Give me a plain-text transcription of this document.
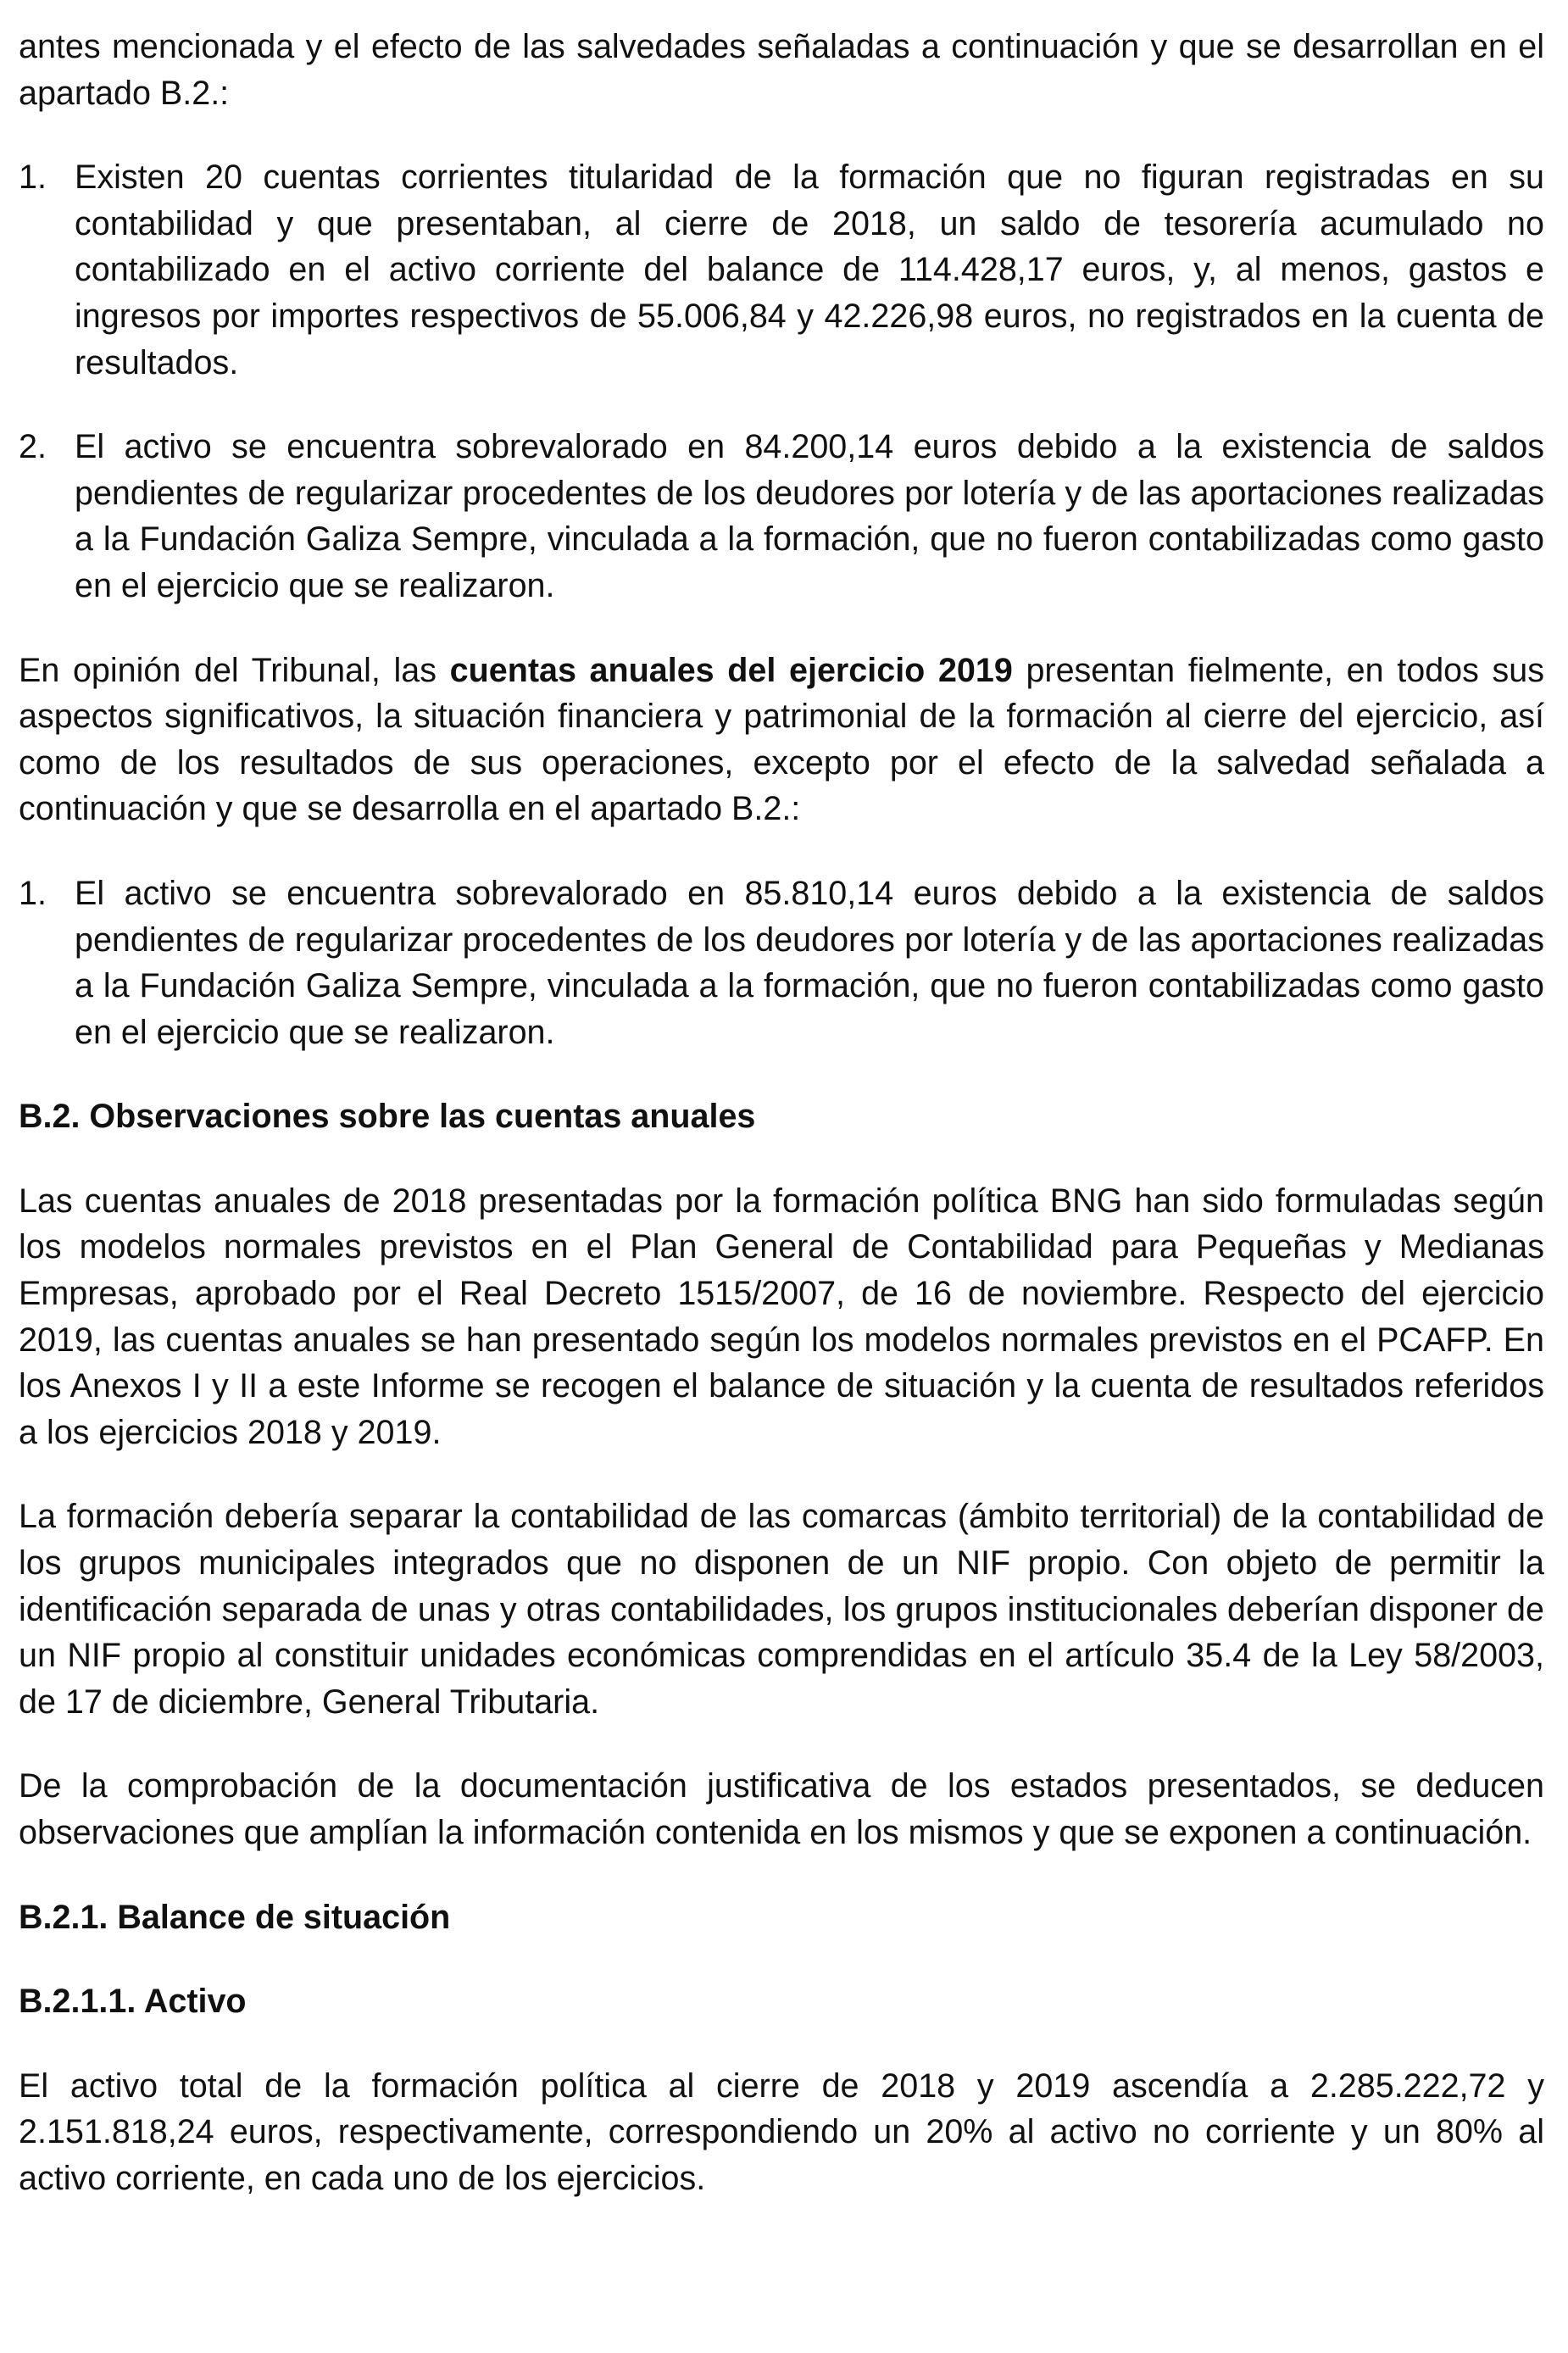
antes mencionada y el efecto de las salvedades señaladas a continuación y que se desarrollan en el apartado B.2.:

1. Existen 20 cuentas corrientes titularidad de la formación que no figuran registradas en su contabilidad y que presentaban, al cierre de 2018, un saldo de tesorería acumulado no contabilizado en el activo corriente del balance de 114.428,17 euros, y, al menos, gastos e ingresos por importes respectivos de 55.006,84 y 42.226,98 euros, no registrados en la cuenta de resultados.
2. El activo se encuentra sobrevalorado en 84.200,14 euros debido a la existencia de saldos pendientes de regularizar procedentes de los deudores por lotería y de las aportaciones realizadas a la Fundación Galiza Sempre, vinculada a la formación, que no fueron contabilizadas como gasto en el ejercicio que se realizaron.

En opinión del Tribunal, las cuentas anuales del ejercicio 2019 presentan fielmente, en todos sus aspectos significativos, la situación financiera y patrimonial de la formación al cierre del ejercicio, así como de los resultados de sus operaciones, excepto por el efecto de la salvedad señalada a continuación y que se desarrolla en el apartado B.2.:

1. El activo se encuentra sobrevalorado en 85.810,14 euros debido a la existencia de saldos pendientes de regularizar procedentes de los deudores por lotería y de las aportaciones realizadas a la Fundación Galiza Sempre, vinculada a la formación, que no fueron contabilizadas como gasto en el ejercicio que se realizaron.
B.2. Observaciones sobre las cuentas anuales

Las cuentas anuales de 2018 presentadas por la formación política BNG han sido formuladas según los modelos normales previstos en el Plan General de Contabilidad para Pequeñas y Medianas Empresas, aprobado por el Real Decreto 1515/2007, de 16 de noviembre. Respecto del ejercicio 2019, las cuentas anuales se han presentado según los modelos normales previstos en el PCAFP. En los Anexos I y II a este Informe se recogen el balance de situación y la cuenta de resultados referidos a los ejercicios 2018 y 2019.

La formación debería separar la contabilidad de las comarcas (ámbito territorial) de la contabilidad de los grupos municipales integrados que no disponen de un NIF propio. Con objeto de permitir la identificación separada de unas y otras contabilidades, los grupos institucionales deberían disponer de un NIF propio al constituir unidades económicas comprendidas en el artículo 35.4 de la Ley 58/2003, de 17 de diciembre, General Tributaria.

De la comprobación de la documentación justificativa de los estados presentados, se deducen observaciones que amplían la información contenida en los mismos y que se exponen a continuación.

B.2.1. Balance de situación
B.2.1.1. Activo

El activo total de la formación política al cierre de 2018 y 2019 ascendía a 2.285.222,72 y 2.151.818,24 euros, respectivamente, correspondiendo un 20% al activo no corriente y un 80% al activo corriente, en cada uno de los ejercicios.
